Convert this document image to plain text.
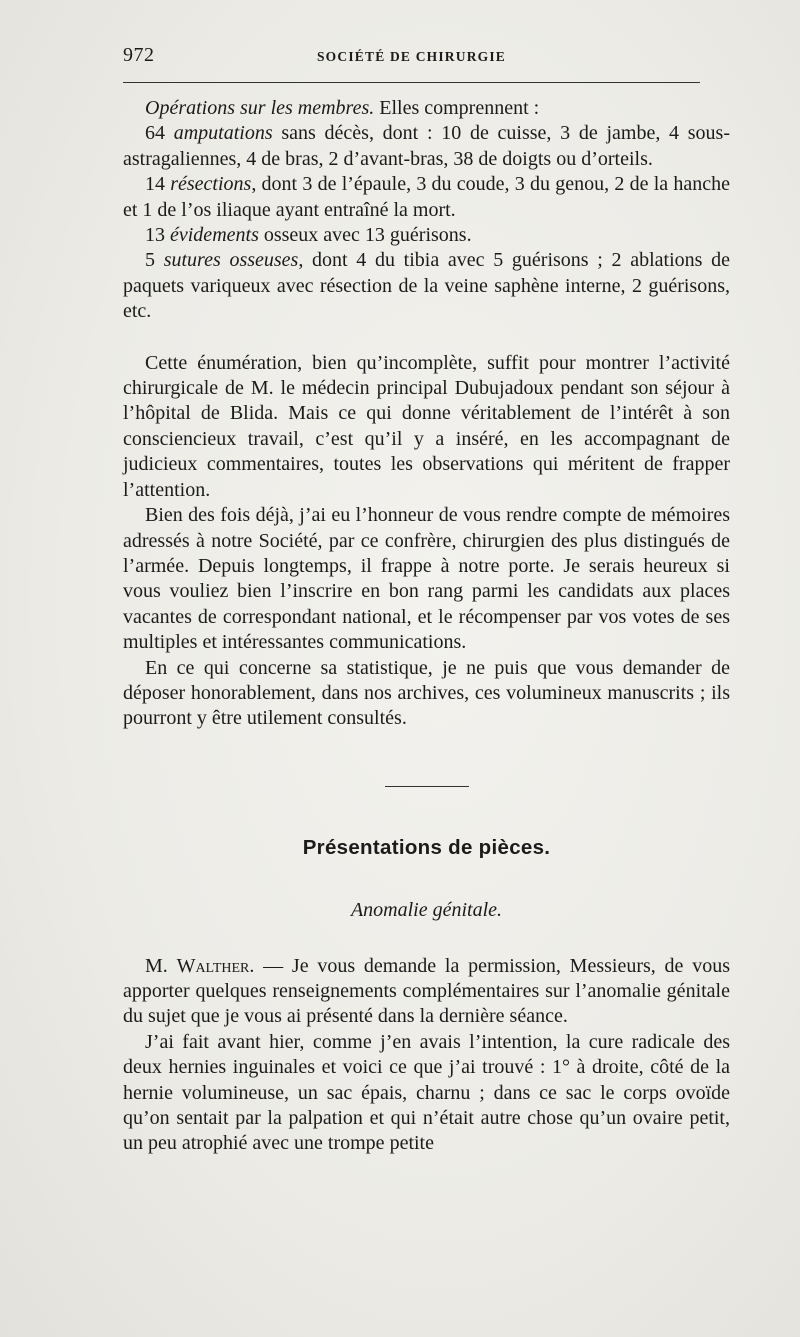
972	SOCIÉTÉ DE CHIRURGIE

Opérations sur les membres. Elles comprennent :

64 amputations sans décès, dont : 10 de cuisse, 3 de jambe, 4 sous-astragaliennes, 4 de bras, 2 d’avant-bras, 38 de doigts ou d’orteils.

14 résections, dont 3 de l’épaule, 3 du coude, 3 du genou, 2 de la hanche et 1 de l’os iliaque ayant entraîné la mort.

13 évidements osseux avec 13 guérisons.

5 sutures osseuses, dont 4 du tibia avec 5 guérisons ; 2 ablations de paquets variqueux avec résection de la veine saphène interne, 2 guérisons, etc.

Cette énumération, bien qu’incomplète, suffit pour montrer l’activité chirurgicale de M. le médecin principal Dubujadoux pendant son séjour à l’hôpital de Blida. Mais ce qui donne véritablement de l’intérêt à son consciencieux travail, c’est qu’il y a inséré, en les accompagnant de judicieux commentaires, toutes les observations qui méritent de frapper l’attention.

Bien des fois déjà, j’ai eu l’honneur de vous rendre compte de mémoires adressés à notre Société, par ce confrère, chirurgien des plus distingués de l’armée. Depuis longtemps, il frappe à notre porte. Je serais heureux si vous vouliez bien l’inscrire en bon rang parmi les candidats aux places vacantes de correspondant national, et le récompenser par vos votes de ses multiples et intéressantes communications.

En ce qui concerne sa statistique, je ne puis que vous demander de déposer honorablement, dans nos archives, ces volumineux manuscrits ; ils pourront y être utilement consultés.

Présentations de pièces.
Anomalie génitale.

M. Walther. — Je vous demande la permission, Messieurs, de vous apporter quelques renseignements complémentaires sur l’anomalie génitale du sujet que je vous ai présenté dans la dernière séance.

J’ai fait avant hier, comme j’en avais l’intention, la cure radicale des deux hernies inguinales et voici ce que j’ai trouvé : 1° à droite, côté de la hernie volumineuse, un sac épais, charnu ; dans ce sac le corps ovoïde qu’on sentait par la palpation et qui n’était autre chose qu’un ovaire petit, un peu atrophié avec une trompe petite
